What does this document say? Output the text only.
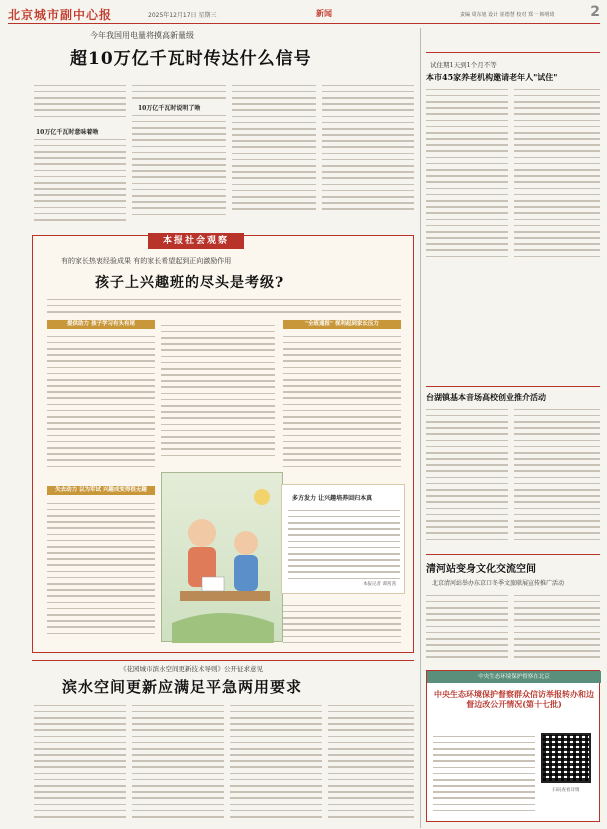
北京城市副中心报	2025年12月17日 星期三	新闻	责编 周东旭 设计 崔德慧 校对 郑一 韩明琦	2
今年我国用电量将摸高新量级
超10万亿千瓦时传达什么信号
10万亿千瓦时意味着啥
10万亿千瓦时说明了啥
有的家长热衷经验成果 有的家长希望起到正向激励作用
孩子上兴趣班的尽头是考级?
提供助力 孩子学习有头有尾	"全班通报" 视利起到家长压力
失去动力 以为军试 兴趣成变得很无趣
多方发力 让兴趣培养回归本真
本报记者 谭茜茜
本报社会观察
试住期1天到1个月不等
本市45家养老机构邀请老年人"试住"
台湖镇基本音场高校创业推介活动
清河站变身文化交流空间
北京清河站举办东京口冬季文旅联展宣传推广活动
《花园城市滨水空间更新技术导则》公开征求意见
滨水空间更新应满足平急两用要求
中央生态环境保护督察在北京
中央生态环境保护督察群众信访举报转办和边督边改公开情况(第十七批)
扫码查看详情
